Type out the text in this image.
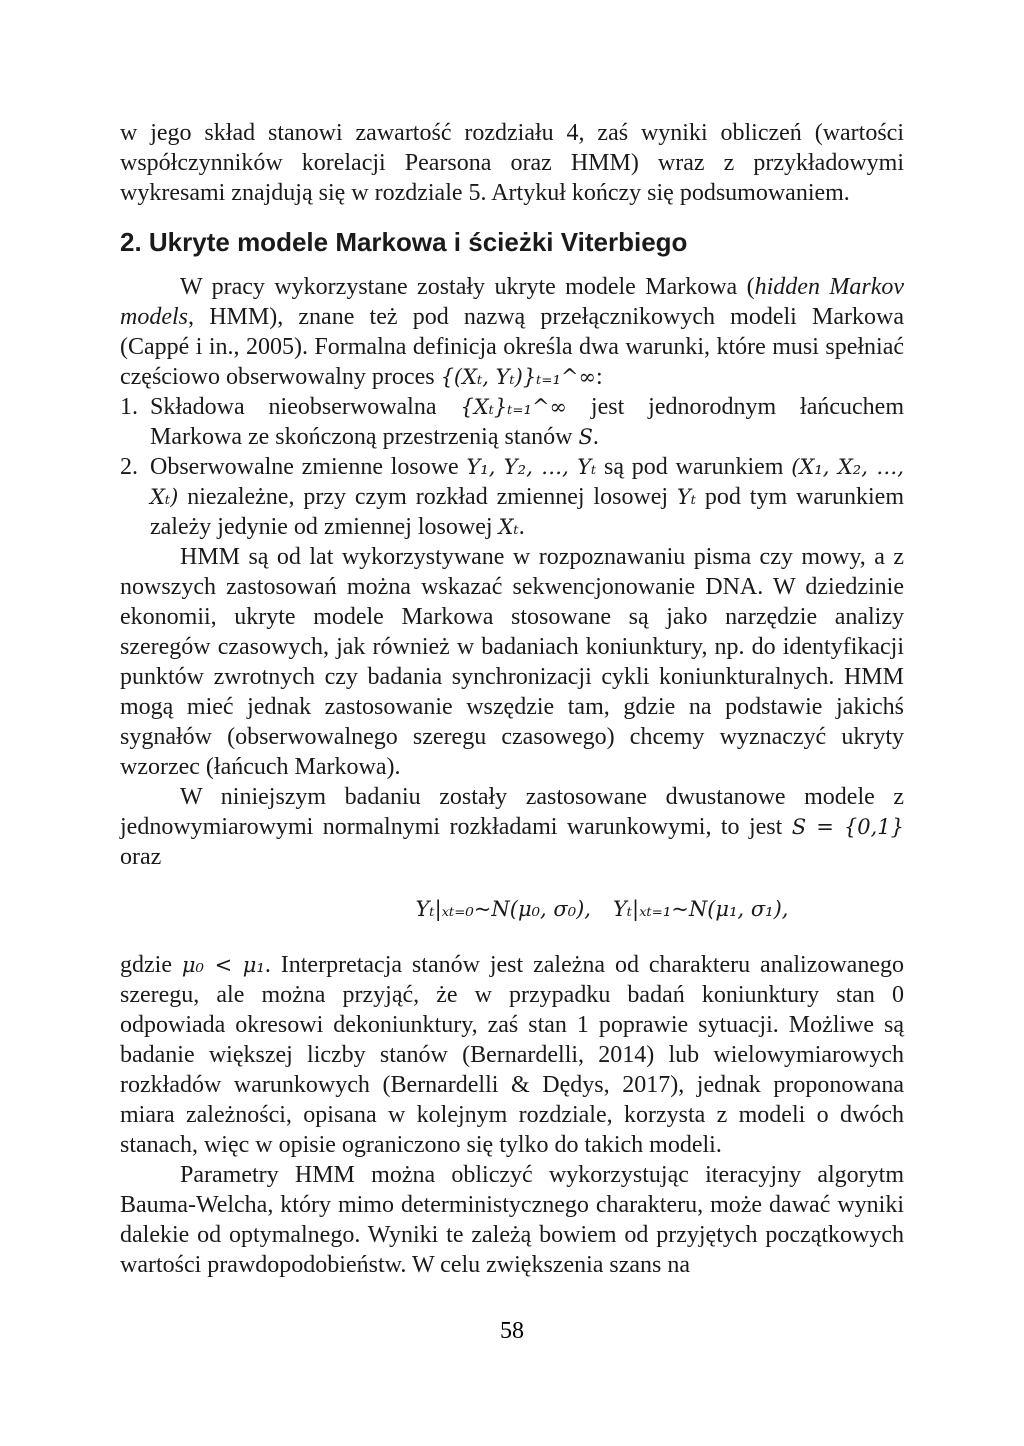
w jego skład stanowi zawartość rozdziału 4, zaś wyniki obliczeń (wartości współczynników korelacji Pearsona oraz HMM) wraz z przykładowymi wykresami znajdują się w rozdziale 5. Artykuł kończy się podsumowaniem.

2. Ukryte modele Markowa i ścieżki Viterbiego

W pracy wykorzystane zostały ukryte modele Markowa (hidden Markov models, HMM), znane też pod nazwą przełącznikowych modeli Markowa (Cappé i in., 2005). Formalna definicja określa dwa warunki, które musi spełniać częściowo obserwowalny proces {(Xₜ, Yₜ)}ₜ₌₁^∞:

1. Składowa nieobserwowalna {Xₜ}ₜ₌₁^∞ jest jednorodnym łańcuchem Markowa ze skończoną przestrzenią stanów S.
2. Obserwowalne zmienne losowe Y₁, Y₂, …, Yₜ są pod warunkiem (X₁, X₂, …, Xₜ) niezależne, przy czym rozkład zmiennej losowej Yₜ pod tym warunkiem zależy jedynie od zmiennej losowej Xₜ.

HMM są od lat wykorzystywane w rozpoznawaniu pisma czy mowy, a z nowszych zastosowań można wskazać sekwencjonowanie DNA. W dziedzinie ekonomii, ukryte modele Markowa stosowane są jako narzędzie analizy szeregów czasowych, jak również w badaniach koniunktury, np. do identyfikacji punktów zwrotnych czy badania synchronizacji cykli koniunkturalnych. HMM mogą mieć jednak zastosowanie wszędzie tam, gdzie na podstawie jakichś sygnałów (obserwowalnego szeregu czasowego) chcemy wyznaczyć ukryty wzorzec (łańcuch Markowa).

W niniejszym badaniu zostały zastosowane dwustanowe modele z jednowymiarowymi normalnymi rozkładami warunkowymi, to jest S = {0,1} oraz

Yₜ|ₓₜ₌₀~N(μ₀, σ₀), Yₜ|ₓₜ₌₁~N(μ₁, σ₁),

gdzie μ₀ < μ₁. Interpretacja stanów jest zależna od charakteru analizowanego szeregu, ale można przyjąć, że w przypadku badań koniunktury stan 0 odpowiada okresowi dekoniunktury, zaś stan 1 poprawie sytuacji. Możliwe są badanie większej liczby stanów (Bernardelli, 2014) lub wielowymiarowych rozkładów warunkowych (Bernardelli & Dędys, 2017), jednak proponowana miara zależności, opisana w kolejnym rozdziale, korzysta z modeli o dwóch stanach, więc w opisie ograniczono się tylko do takich modeli.

Parametry HMM można obliczyć wykorzystując iteracyjny algorytm Bauma-Welcha, który mimo deterministycznego charakteru, może dawać wyniki dalekie od optymalnego. Wyniki te zależą bowiem od przyjętych początkowych wartości prawdopodobieństw. W celu zwiększenia szans na

58
